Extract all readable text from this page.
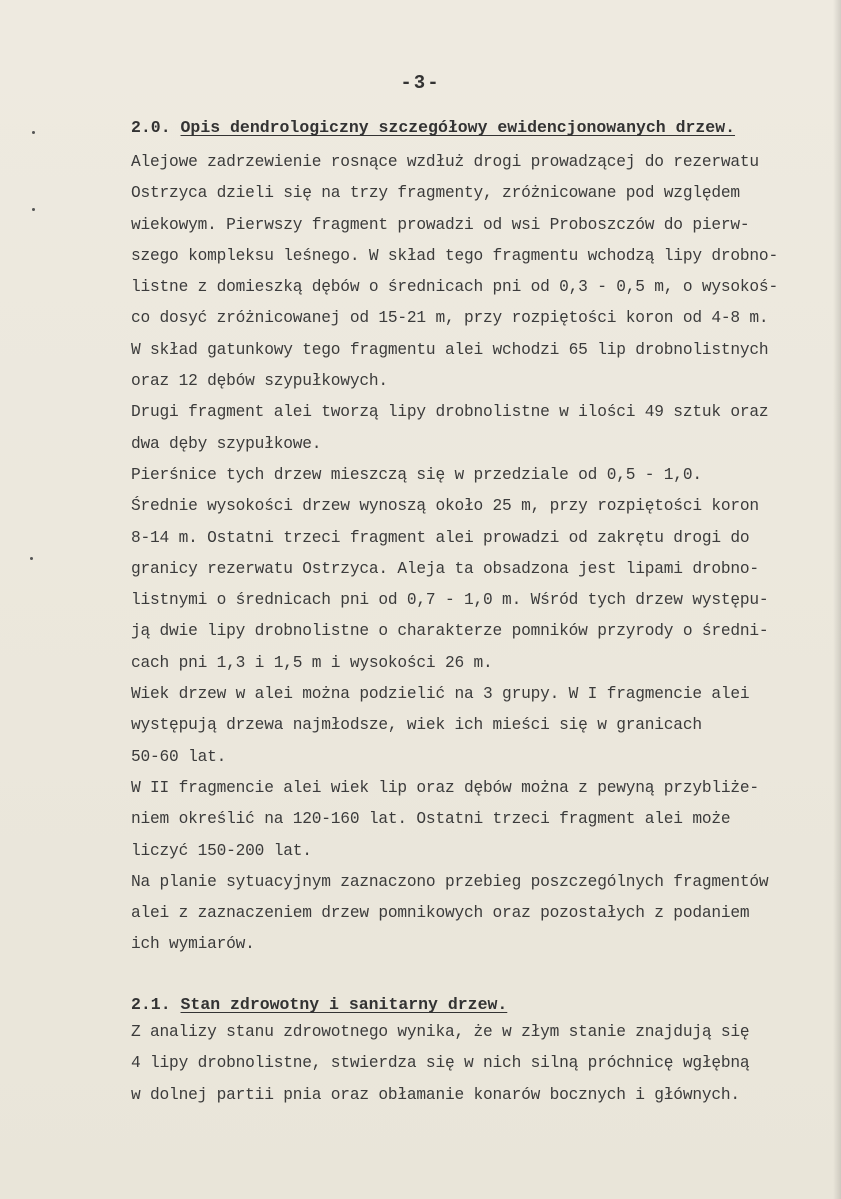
-3-
2.0. Opis dendrologiczny szczegółowy ewidencjonowanych drzew.
Alejowe zadrzewienie rosnące wzdłuż drogi prowadzącej do rezerwatu
Ostrzyca dzieli się na trzy fragmenty, zróżnicowane pod względem
wiekowym. Pierwszy fragment prowadzi od wsi Proboszczów do pierw-
szego kompleksu leśnego. W skład tego fragmentu wchodzą lipy drobno-
listne z domieszką dębów o średnicach pni od 0,3 - 0,5 m, o wysokoś-
co dosyć zróżnicowanej od 15-21 m, przy rozpiętości koron od 4-8 m.
W skład gatunkowy tego fragmentu alei wchodzi 65 lip drobnolistnych
oraz 12 dębów szypułkowych.
Drugi fragment alei tworzą lipy drobnolistne w ilości 49 sztuk oraz
dwa dęby szypułkowe.
Pierśnice tych drzew mieszczą się w przedziale od 0,5 - 1,0.
Średnie wysokości drzew wynoszą około 25 m, przy rozpiętości koron
8-14 m. Ostatni trzeci fragment alei prowadzi od zakrętu drogi do
granicy rezerwatu Ostrzyca. Aleja ta obsadzona jest lipami drobno-
listnymi o średnicach pni od 0,7 - 1,0 m. Wśród tych drzew występu-
ją dwie lipy drobnolistne o charakterze pomników przyrody o średni-
cach pni 1,3 i 1,5 m i wysokości 26 m.
Wiek drzew w alei można podzielić na 3 grupy. W I fragmencie alei
występują drzewa najmłodsze, wiek ich mieści się w granicach
50-60 lat.
W II fragmencie alei wiek lip oraz dębów można z pewyną przybliże-
niem określić na 120-160 lat. Ostatni trzeci fragment alei może
liczyć 150-200 lat.
Na planie sytuacyjnym zaznaczono przebieg poszczególnych fragmentów
alei z zaznaczeniem drzew pomnikowych oraz pozostałych z podaniem
ich wymiarów.
2.1. Stan zdrowotny i sanitarny drzew.
Z analizy stanu zdrowotnego wynika, że w złym stanie znajdują się
4 lipy drobnolistne, stwierdza się w nich silną próchnicę wgłębną
w dolnej partii pnia oraz obłamanie konarów bocznych i głównych.
